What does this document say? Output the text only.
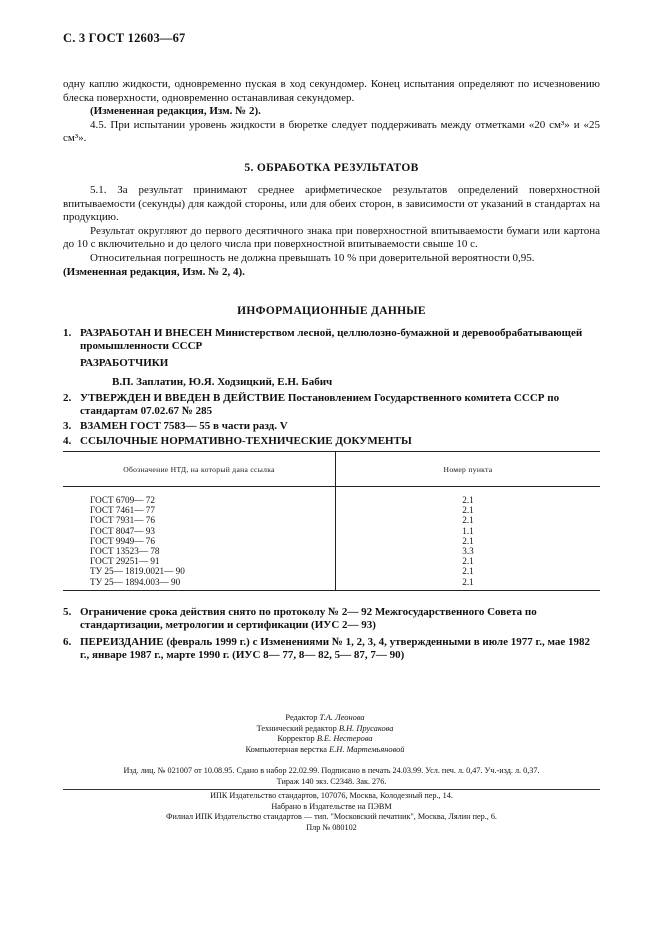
С. 3 ГОСТ 12603—67

одну каплю жидкости, одновременно пуская в ход секундомер. Конец испытания определяют по исчезновению блеска поверхности, одновременно останавливая секундомер.

(Измененная редакция, Изм. № 2).

4.5. При испытании уровень жидкости в бюретке следует поддерживать между отметками «20 см³» и «25 см³».

5. ОБРАБОТКА РЕЗУЛЬТАТОВ

5.1. За результат принимают среднее арифметическое результатов определений поверхностной впитываемости (секунды) для каждой стороны, или для обеих сторон, в зависимости от указаний в стандартах на продукцию.

Результат округляют до первого десятичного знака при поверхностной впитываемости бумаги или картона до 10 с включительно и до целого числа при поверхностной впитываемости свыше 10 с.

Относительная погрешность не должна превышать 10 % при доверительной вероятности 0,95.

(Измененная редакция, Изм. № 2, 4).

ИНФОРМАЦИОННЫЕ ДАННЫЕ
1. РАЗРАБОТАН И ВНЕСЕН Министерством лесной, целлюлозно-бумажной и деревообрабатывающей промышленности СССР
РАЗРАБОТЧИКИ
В.П. Заплатин, Ю.Я. Ходзицкий, Е.Н. Бабич
2. УТВЕРЖДЕН И ВВЕДЕН В ДЕЙСТВИЕ Постановлением Государственного комитета СССР по стандартам 07.02.67 № 285
3. ВЗАМЕН ГОСТ 7583— 55 в части разд. V
4. ССЫЛОЧНЫЕ НОРМАТИВНО-ТЕХНИЧЕСКИЕ ДОКУМЕНТЫ
Обозначение НТД, на который дана ссылка	Номер пункта
ГОСТ 6709— 72	2.1
ГОСТ 7461— 77	2.1
ГОСТ 7931— 76	2.1
ГОСТ 8047— 93	1.1
ГОСТ 9949— 76	2.1
ГОСТ 13523— 78	3.3
ГОСТ 29251— 91	2.1
ТУ 25— 1819.0021— 90	2.1
ТУ 25— 1894.003— 90	2.1
5. Ограничение срока действия снято по протоколу № 2— 92 Межгосударственного Совета по стандартизации, метрологии и сертификации (ИУС 2— 93)
6. ПЕРЕИЗДАНИЕ (февраль 1999 г.) с Изменениями № 1, 2, 3, 4, утвержденными в июле 1977 г., мае 1982 г., январе 1987 г., марте 1990 г. (ИУС 8— 77, 8— 82, 5— 87, 7— 90)
Редактор Т.А. Леонова
Технический редактор В.Н. Прусакова
Корректор В.Е. Нестерова
Компьютерная верстка Е.Н. Мартемьяновой
Изд. лиц. № 021007 от 10.08.95. Сдано в набор 22.02.99. Подписано в печать 24.03.99. Усл. печ. л. 0,47. Уч.-изд. л. 0,37.
Тираж 140 экз. С2348. Зак. 276.
ИПК Издательство стандартов, 107076, Москва, Колодезный пер., 14.
Набрано в Издательстве на ПЭВМ
Филиал ИПК Издательство стандартов — тип. "Московский печатник", Москва, Лялин пер., 6.
Плр № 080102
